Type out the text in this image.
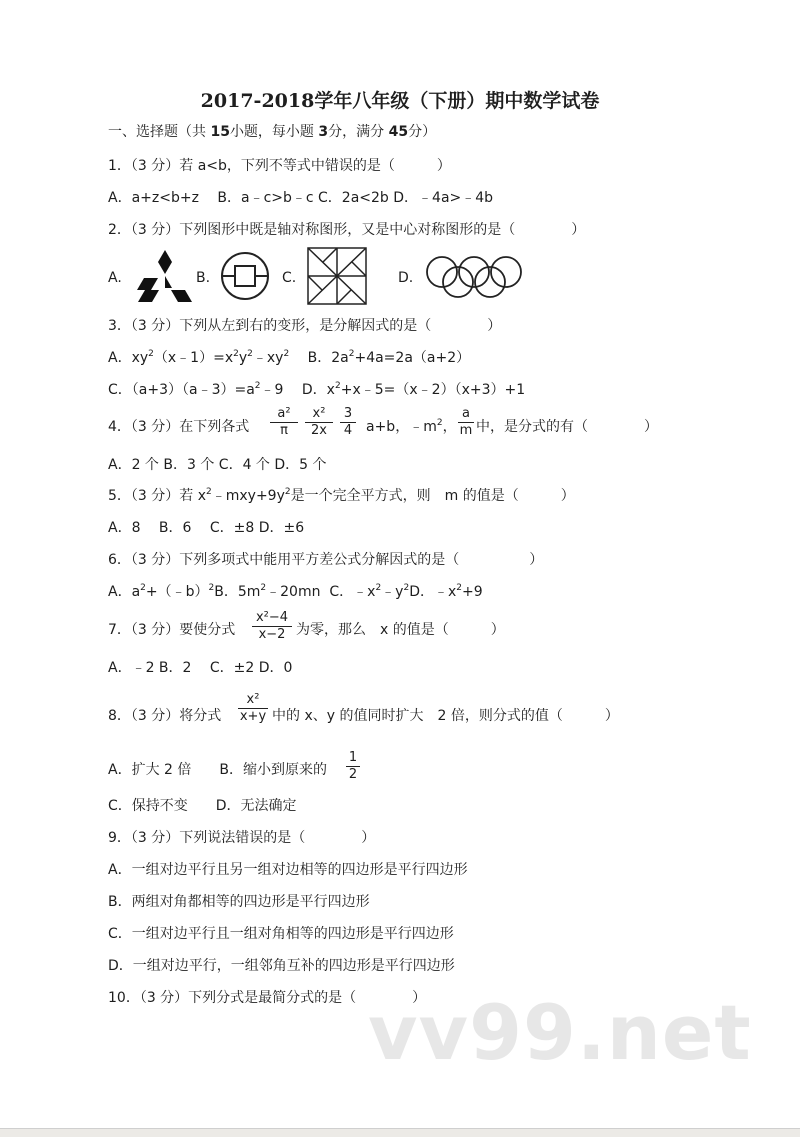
2017-2018学年八年级（下册）期中数学试卷
一、选择题（共 15小题，每小题 3分，满分 45分）
1．（3 分）若 a<b，下列不等式中错误的是（　　　）
A．a+z<b+z　 B．a﹣c>b﹣c C．2a<2b D．﹣4a>﹣4b
2．（3 分）下列图形中既是轴对称图形，又是中心对称图形的是（　　　　）
A.	B.	C.	D.
3．（3 分）下列从左到右的变形，是分解因式的是（　　　　）
A．$xy^2(x﹣1)=x^2y^2﹣xy^2$　 B．$2a^2+4a=2a(a+2)$
C．$(a+3)(a﹣3)=a^2﹣9$　 D．$x^2+x﹣5=(x﹣2)(x+3)+1$
4．（3 分）在下列各式 $\frac{\text{a²}}{\pi} \frac{\text{x²}}{2x} \frac{3}{4} a+b$，$﹣m^2$， $\frac{a}{m}$ 中，是分式的有（　　　　）
A．2 个 B．3 个 C．4 个 D．5 个
5．（3 分）若 $x^2﹣mxy+9y^2$是一个完全平方式，则　m 的值是（　　　）
A．8　 B．6　 C．±8 D．±6
6．（3 分）下列多项式中能用平方差公式分解因式的是（　　　　　）
A．$a^2+(﹣b)^2B$．$5m^2﹣20mn$  C．$﹣x^2﹣y^2D$．$﹣x^2+9$
7．（3 分）要使分式 $\frac{\text{x²−4}}{x-2}$ 为零，那么　x 的值是（　　　）
A．﹣2 B．2　 C．±2 D．0
8．（3 分）将分式 $\frac{\text{x²}}{x+y}$ 中的 x、y 的值同时扩大　2 倍，则分式的值（　　　）
A．扩大 2 倍　　B．缩小到原来的 $\frac{1}{2}$
C．保持不变　　D．无法确定
9．（3 分）下列说法错误的是（　　　　）
A．一组对边平行且另一组对边相等的四边形是平行四边形
B．两组对角都相等的四边形是平行四边形
C．一组对边平行且一组对角相等的四边形是平行四边形
D．一组对边平行，一组邻角互补的四边形是平行四边形
10．（3 分）下列分式是最简分式的是（　　　　）
vv99.net
